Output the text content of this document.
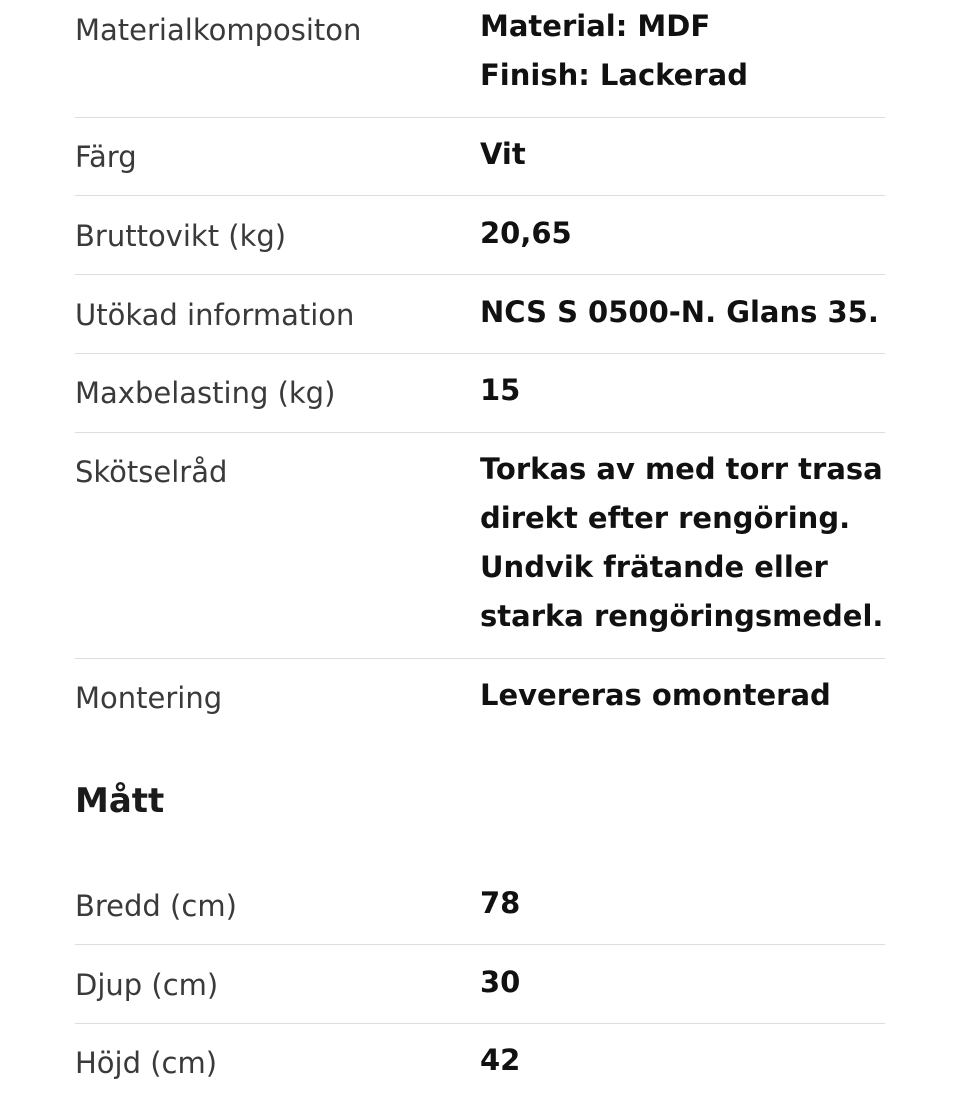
Materialkompositon	Material: MDF
Finish: Lackerad
Färg	Vit
Bruttovikt (kg)	20,65
Utökad information	NCS S 0500-N. Glans 35.
Maxbelasting (kg)	15
Skötselråd	Torkas av med torr trasa
direkt efter rengöring.
Undvik frätande eller
starka rengöringsmedel.
Montering	Levereras omonterad
Mått
Bredd (cm)	78
Djup (cm)	30
Höjd (cm)	42
